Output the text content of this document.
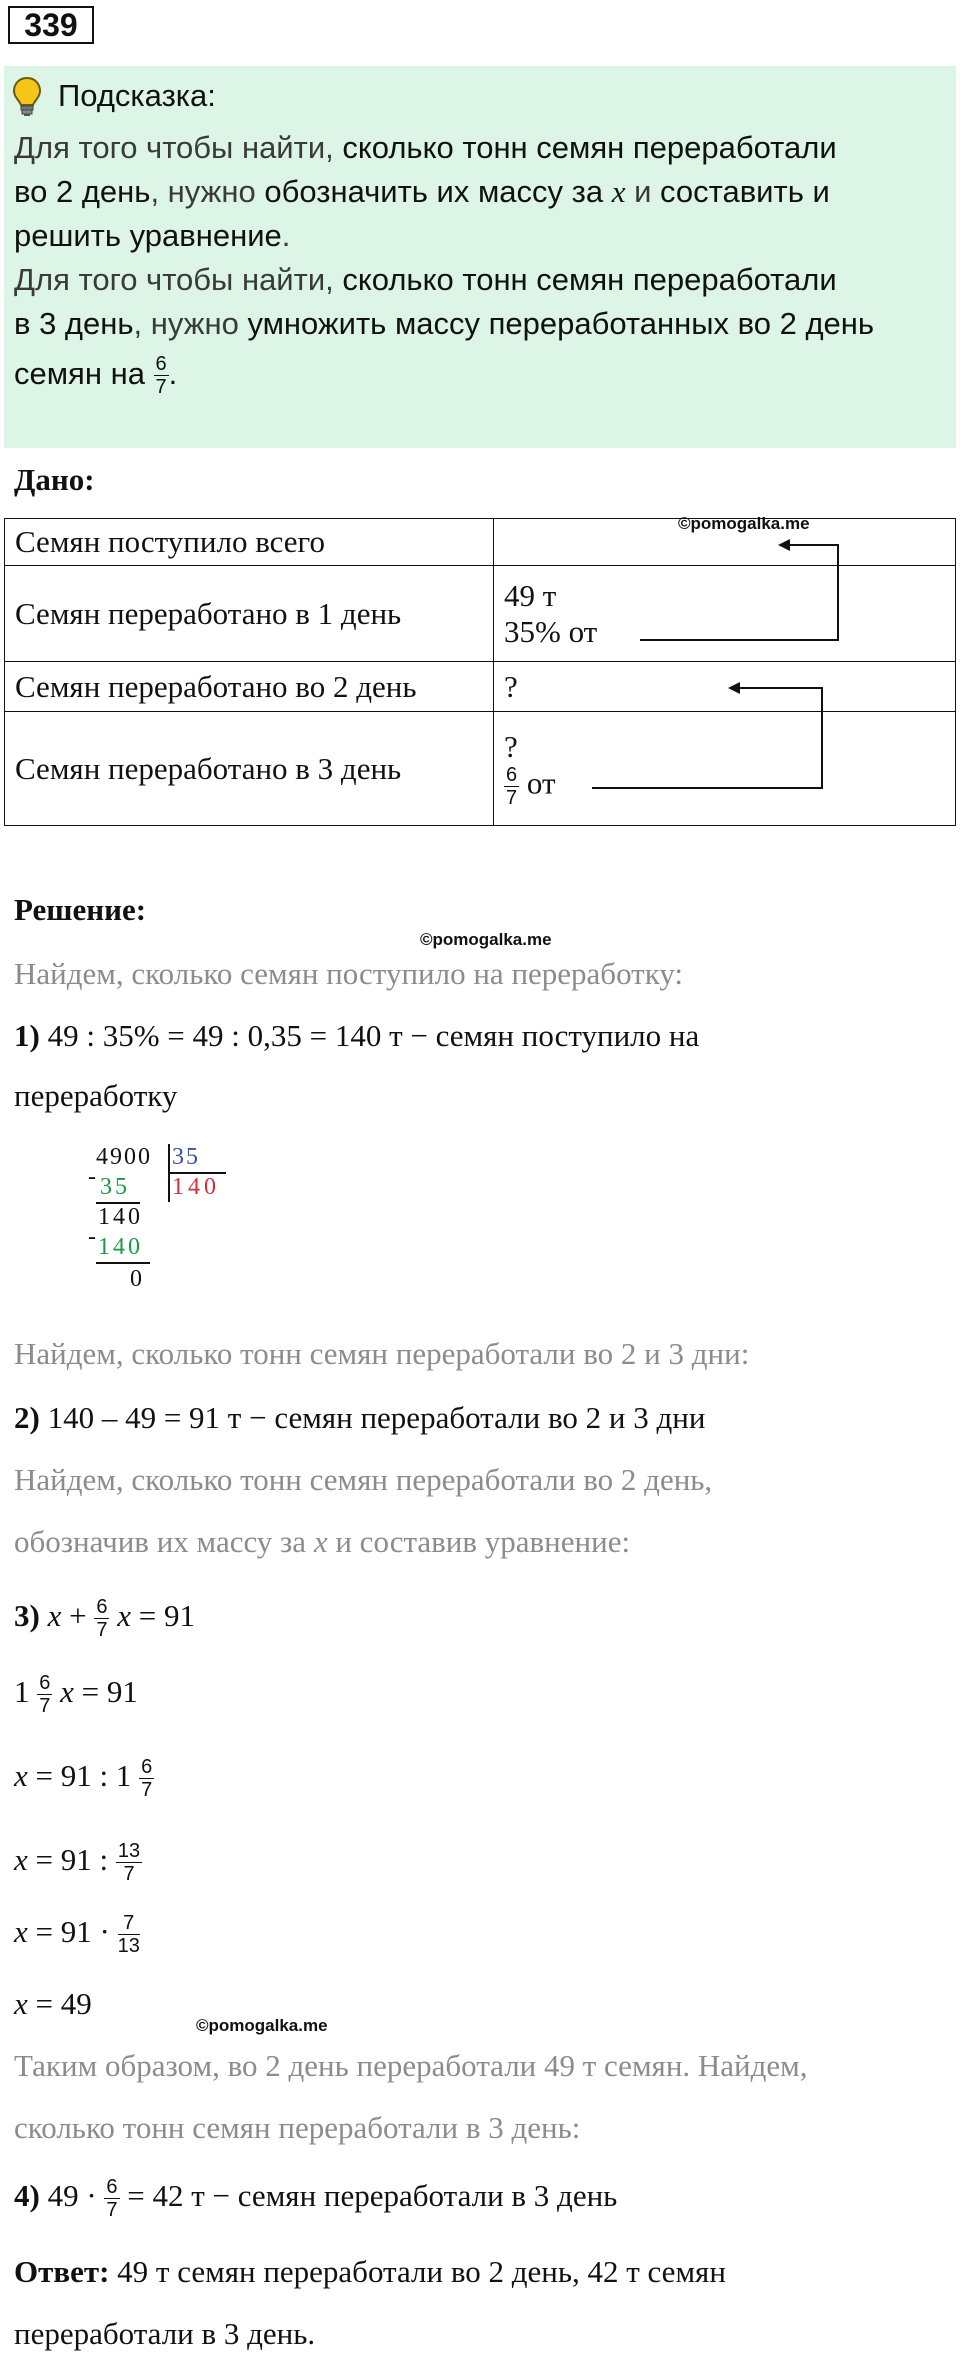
339
Подсказка:
Для того чтобы найти, сколько тонн семян переработали
во 2 день, нужно обозначить их массу за x и составить и
решить уравнение.
Для того чтобы найти, сколько тонн семян переработали
в 3 день, нужно умножить массу переработанных во 2 день
семян на $\frac{6}{7}$ .
Дано:
Семян поступило всего	
Семян переработано в 1 день	49 т
35% от

Семян переработано во 2 день	?
Семян переработано в 3 день	?
$\frac{6}{7}$ от
©pomogalka.me
Решение:
©pomogalka.me
Найдем, сколько семян поступило на переработку:
1) 49 : 35% = 49 : 0,35 = 140 т − семян поступило на
переработку
4900 35
140
- 35
140
- 140
0
Найдем, сколько тонн семян переработали во 2 и 3 дни:
2) 140 – 49 = 91 т − семян переработали во 2 и 3 дни
Найдем, сколько тонн семян переработали во 2 день,
обозначив их массу за x и составив уравнение:
3) $x + \frac{6}{7}$ x = 91
$1 \frac{6}{7}$ x = 91
x = 91 : $1 \frac{6}{7}$
x = 91 : $\frac{13}{7}$
$x = 91 \cdot \frac{7}{13}$
x = 49
©pomogalka.me
Таким образом, во 2 день переработали 49 т семян. Найдем,
сколько тонн семян переработали в 3 день:
4) $49 \cdot \frac{6}{7} = 42$ т − семян переработали в 3 день
Ответ: 49 т семян переработали во 2 день, 42 т семян
переработали в 3 день.
